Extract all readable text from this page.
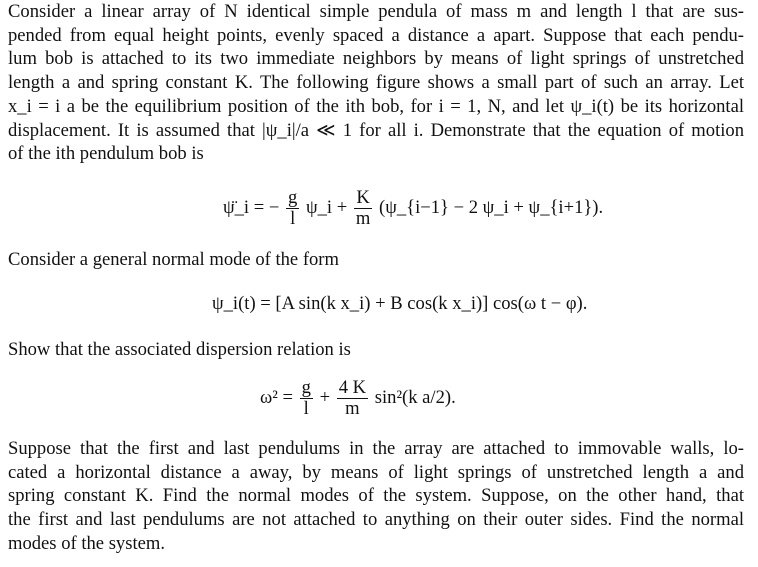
Consider a linear array of N identical simple pendula of mass m and length l that are sus-
pended from equal height points, evenly spaced a distance a apart. Suppose that each pendu-
lum bob is attached to its two immediate neighbors by means of light springs of unstretched
length a and spring constant K. The following figure shows a small part of such an array. Let
x_i = i a be the equilibrium position of the ith bob, for i = 1, N, and let ψ_i(t) be its horizontal
displacement. It is assumed that |ψ_i|/a ≪ 1 for all i. Demonstrate that the equation of motion
of the ith pendulum bob is
ψ̈_i = − $\frac{g}{l}$ ψ_i + $\frac{K}{m}$ (ψ_{i−1} − 2 ψ_i + ψ_{i+1}).
Consider a general normal mode of the form
ψ_i(t) = [A sin(k x_i) + B cos(k x_i)] cos(ω t − φ).
Show that the associated dispersion relation is
$\omega^2 = \frac{g}{l} + \frac{4 K}{m} \sin^2(k$ a/2).
Suppose that the first and last pendulums in the array are attached to immovable walls, lo-
cated a horizontal distance a away, by means of light springs of unstretched length a and
spring constant K. Find the normal modes of the system. Suppose, on the other hand, that
the first and last pendulums are not attached to anything on their outer sides. Find the normal
modes of the system.
